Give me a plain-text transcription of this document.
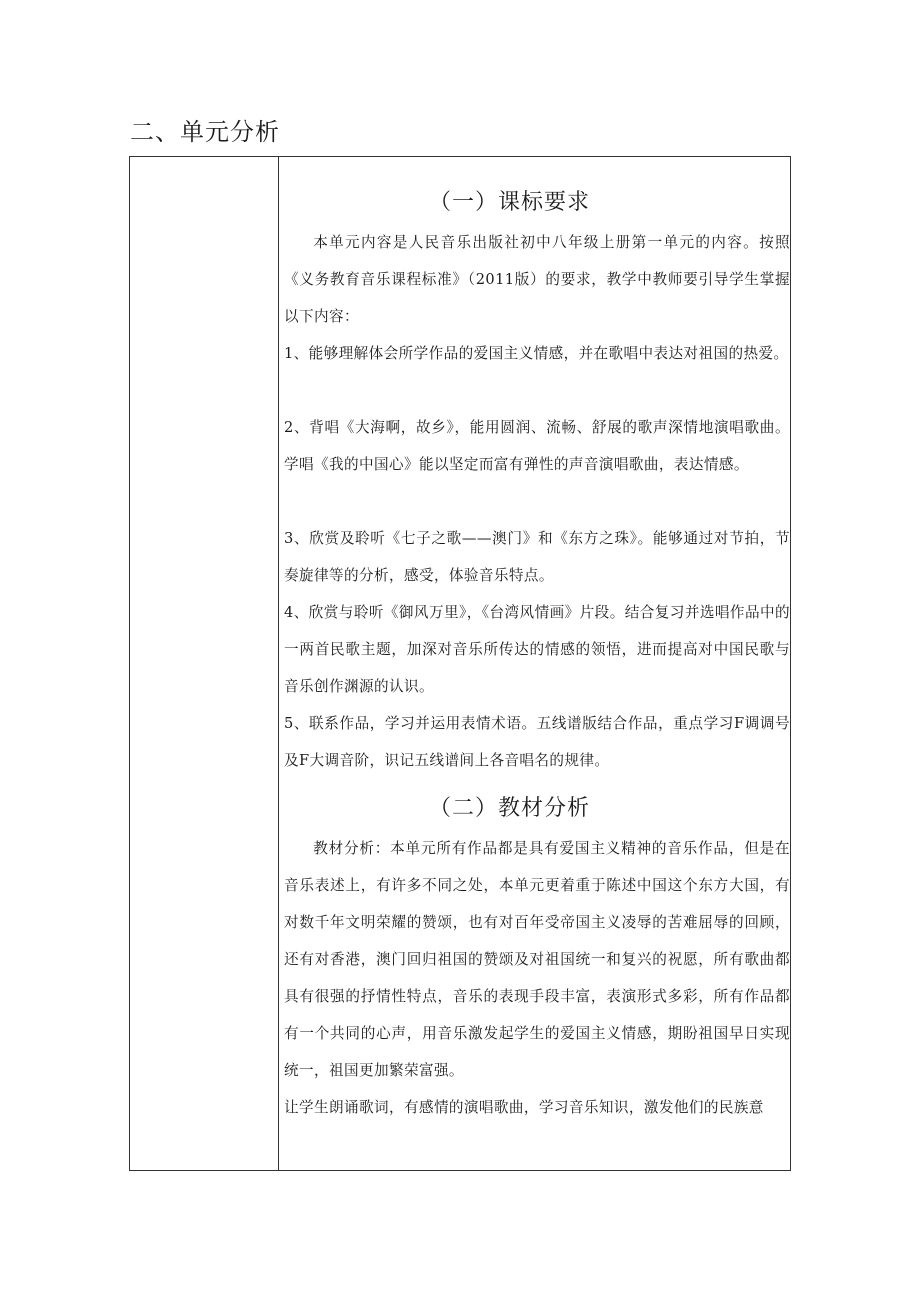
二、单元分析
（一）课标要求

本单元内容是人民音乐出版社初中八年级上册第一单元的内容。按照《义务教育音乐课程标准》（2011版）的要求，教学中教师要引导学生掌握以下内容：

1、能够理解体会所学作品的爱国主义情感，并在歌唱中表达对祖国的热爱。

2、背唱《大海啊，故乡》，能用圆润、流畅、舒展的歌声深情地演唱歌曲。学唱《我的中国心》能以坚定而富有弹性的声音演唱歌曲，表达情感。

3、欣赏及聆听《七子之歌——澳门》和《东方之珠》。能够通过对节拍，节奏旋律等的分析，感受，体验音乐特点。

4、欣赏与聆听《御风万里》，《台湾风情画》片段。结合复习并选唱作品中的一两首民歌主题，加深对音乐所传达的情感的领悟，进而提高对中国民歌与音乐创作渊源的认识。

5、联系作品，学习并运用表情术语。五线谱版结合作品，重点学习F调调号及F大调音阶，识记五线谱间上各音唱名的规律。

（二）教材分析

教材分析：本单元所有作品都是具有爱国主义精神的音乐作品，但是在音乐表述上，有许多不同之处，本单元更着重于陈述中国这个东方大国，有对数千年文明荣耀的赞颂，也有对百年受帝国主义凌辱的苦难屈辱的回顾，还有对香港，澳门回归祖国的赞颂及对祖国统一和复兴的祝愿，所有歌曲都具有很强的抒情性特点，音乐的表现手段丰富，表演形式多彩，所有作品都有一个共同的心声，用音乐激发起学生的爱国主义情感，期盼祖国早日实现统一，祖国更加繁荣富强。

让学生朗诵歌词，有感情的演唱歌曲，学习音乐知识，激发他们的民族意
